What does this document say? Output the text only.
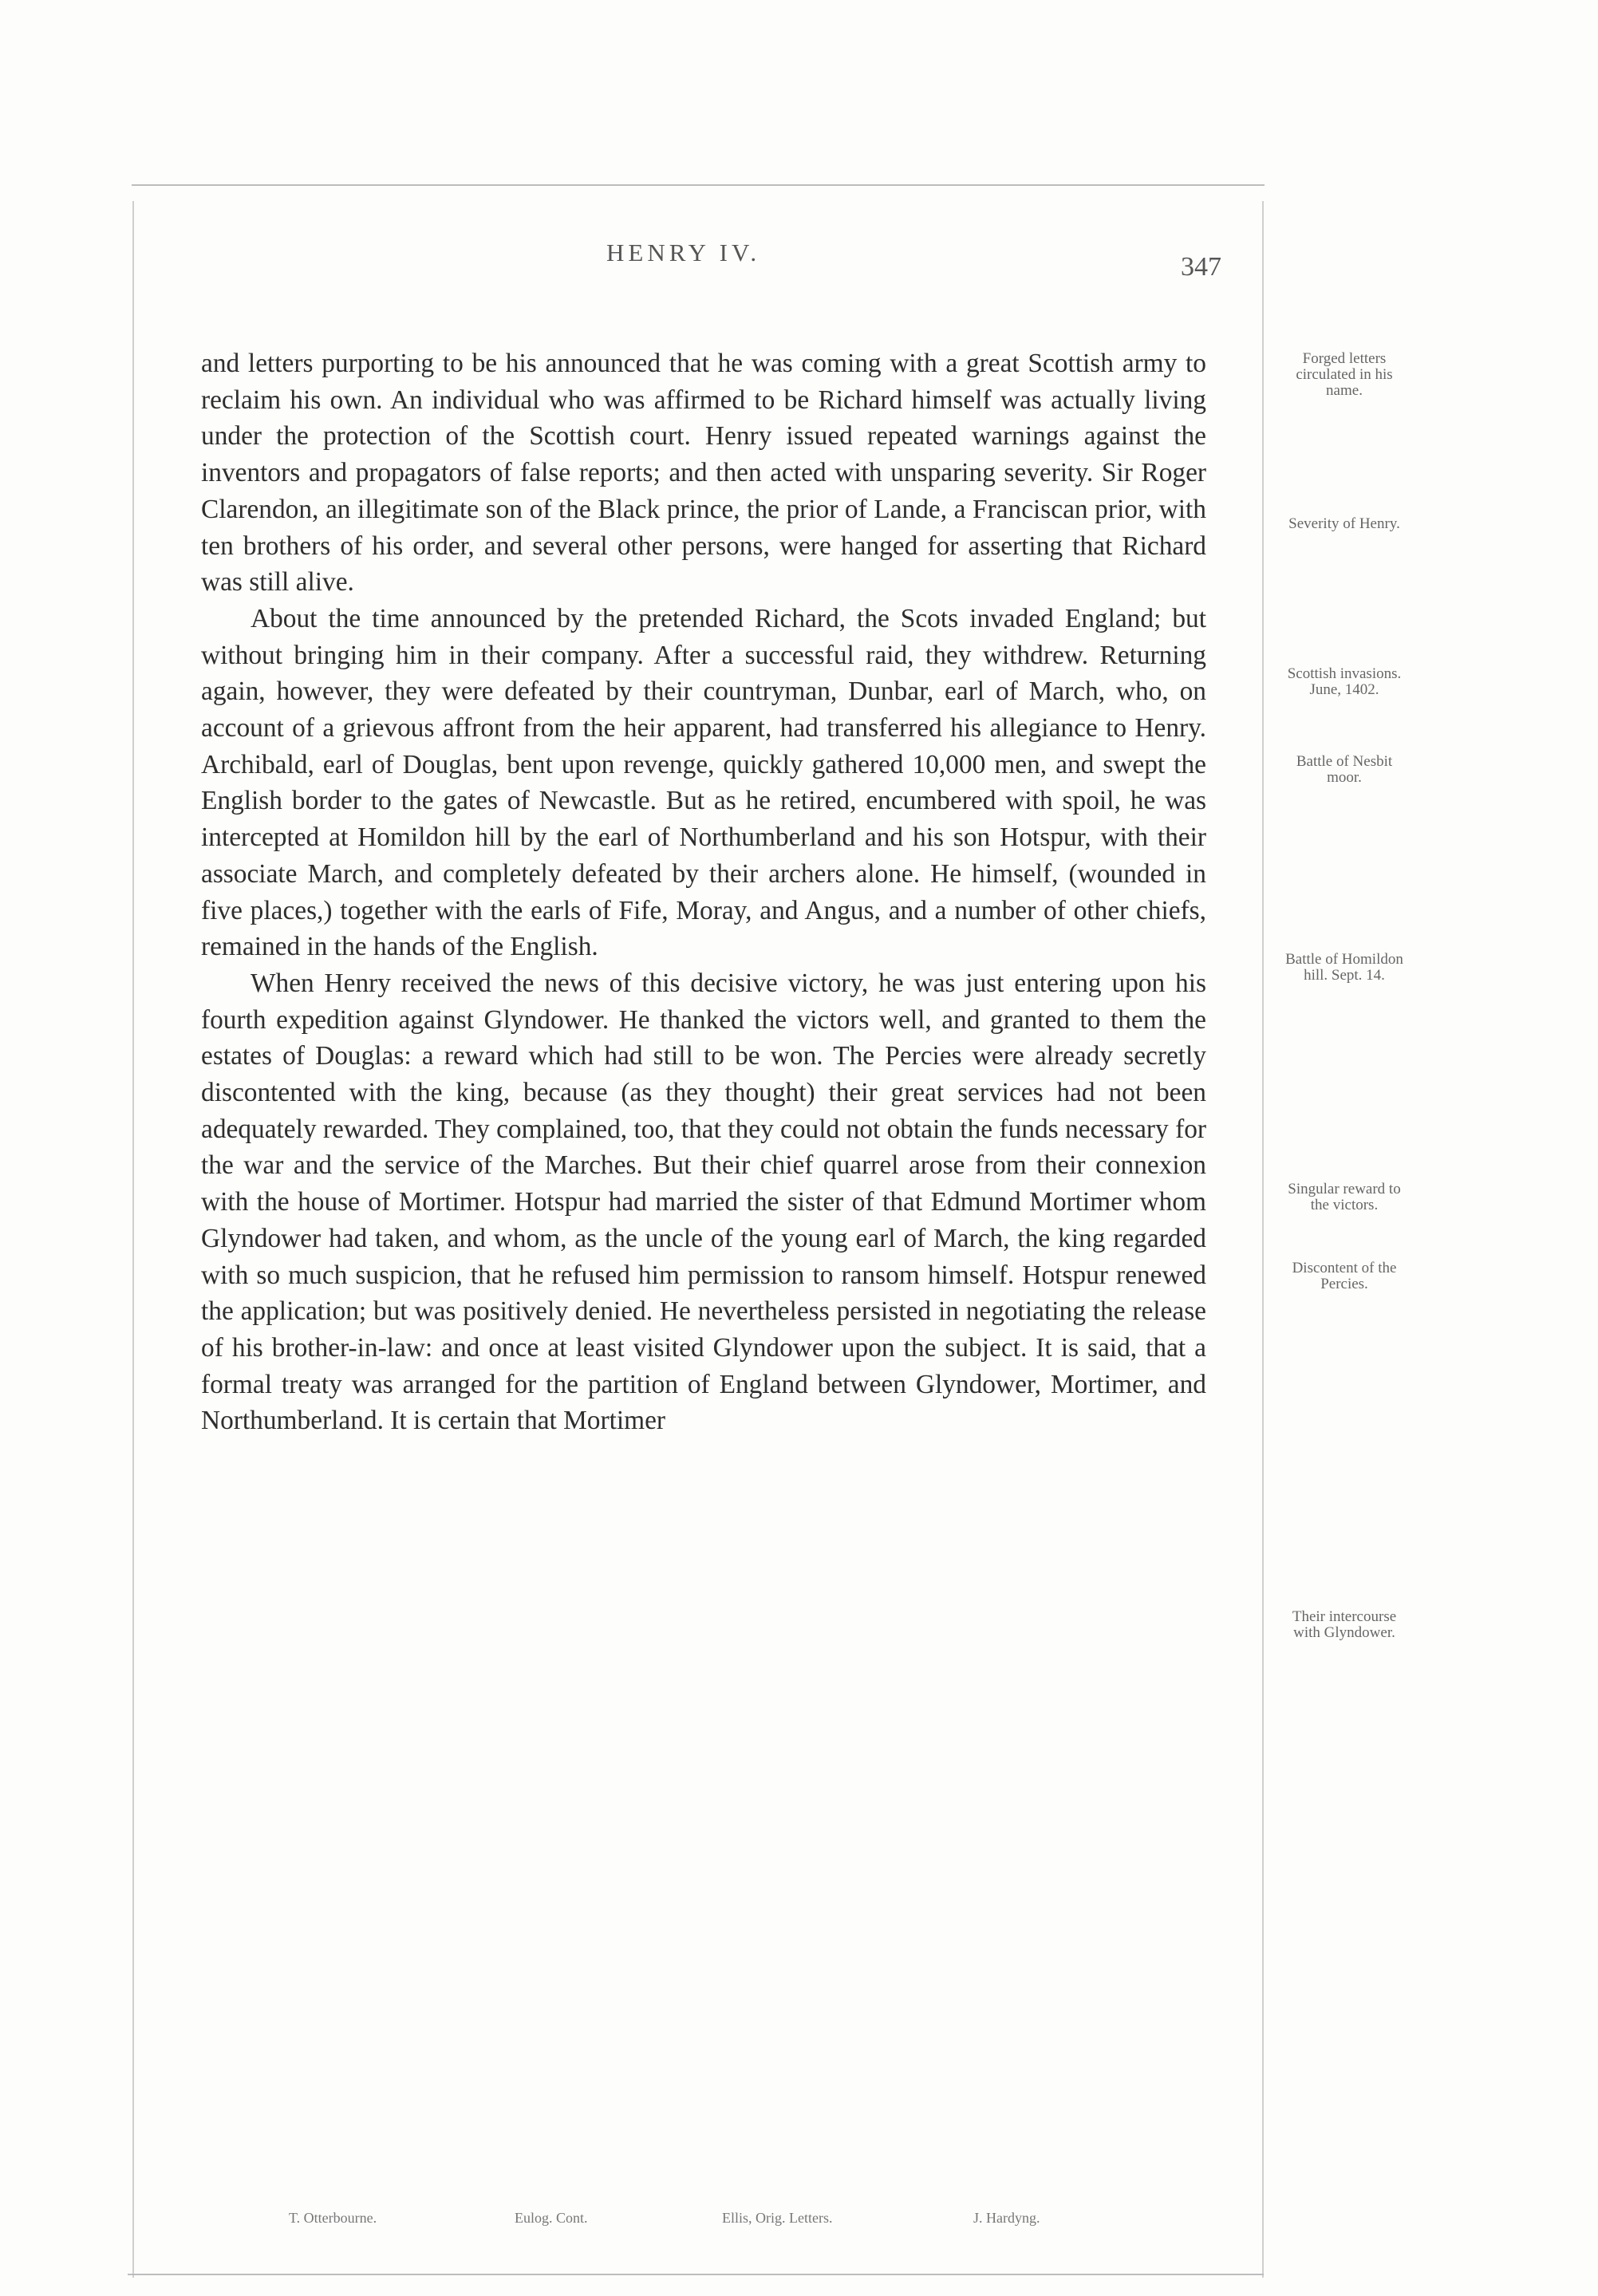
HENRY IV.	347

and letters purporting to be his announced that he was coming with a great Scottish army to reclaim his own. An individual who was affirmed to be Richard himself was actually living under the protection of the Scottish court. Henry issued repeated warnings against the inventors and propagators of false reports; and then acted with unsparing severity. Sir Roger Clarendon, an illegitimate son of the Black prince, the prior of Lande, a Franciscan prior, with ten brothers of his order, and several other persons, were hanged for asserting that Richard was still alive.

About the time announced by the pretended Richard, the Scots invaded England; but without bringing him in their company. After a successful raid, they withdrew. Returning again, however, they were defeated by their countryman, Dunbar, earl of March, who, on account of a grievous affront from the heir apparent, had transferred his allegiance to Henry. Archibald, earl of Douglas, bent upon revenge, quickly gathered 10,000 men, and swept the English border to the gates of Newcastle. But as he retired, encumbered with spoil, he was intercepted at Homildon hill by the earl of Northumberland and his son Hotspur, with their associate March, and completely defeated by their archers alone. He himself, (wounded in five places,) together with the earls of Fife, Moray, and Angus, and a number of other chiefs, remained in the hands of the English.

When Henry received the news of this decisive victory, he was just entering upon his fourth expedition against Glyndower. He thanked the victors well, and granted to them the estates of Douglas: a reward which had still to be won. The Percies were already secretly discontented with the king, because (as they thought) their great services had not been adequately rewarded. They complained, too, that they could not obtain the funds necessary for the war and the service of the Marches. But their chief quarrel arose from their connexion with the house of Mortimer. Hotspur had married the sister of that Edmund Mortimer whom Glyndower had taken, and whom, as the uncle of the young earl of March, the king regarded with so much suspicion, that he refused him permission to ransom himself. Hotspur renewed the application; but was positively denied. He nevertheless persisted in negotiating the release of his brother-in-law: and once at least visited Glyndower upon the subject. It is said, that a formal treaty was arranged for the partition of England between Glyndower, Mortimer, and Northumberland. It is certain that Mortimer

Forged letters circulated in his name.
Severity of Henry.
Scottish invasions. June, 1402.
Battle of Nesbit moor.
Battle of Homildon hill. Sept. 14.
Singular reward to the victors.
Discontent of the Percies.
Their intercourse with Glyndower.
T. Otterbourne.	Eulog. Cont.	Ellis, Orig. Letters.	J. Hardyng.
